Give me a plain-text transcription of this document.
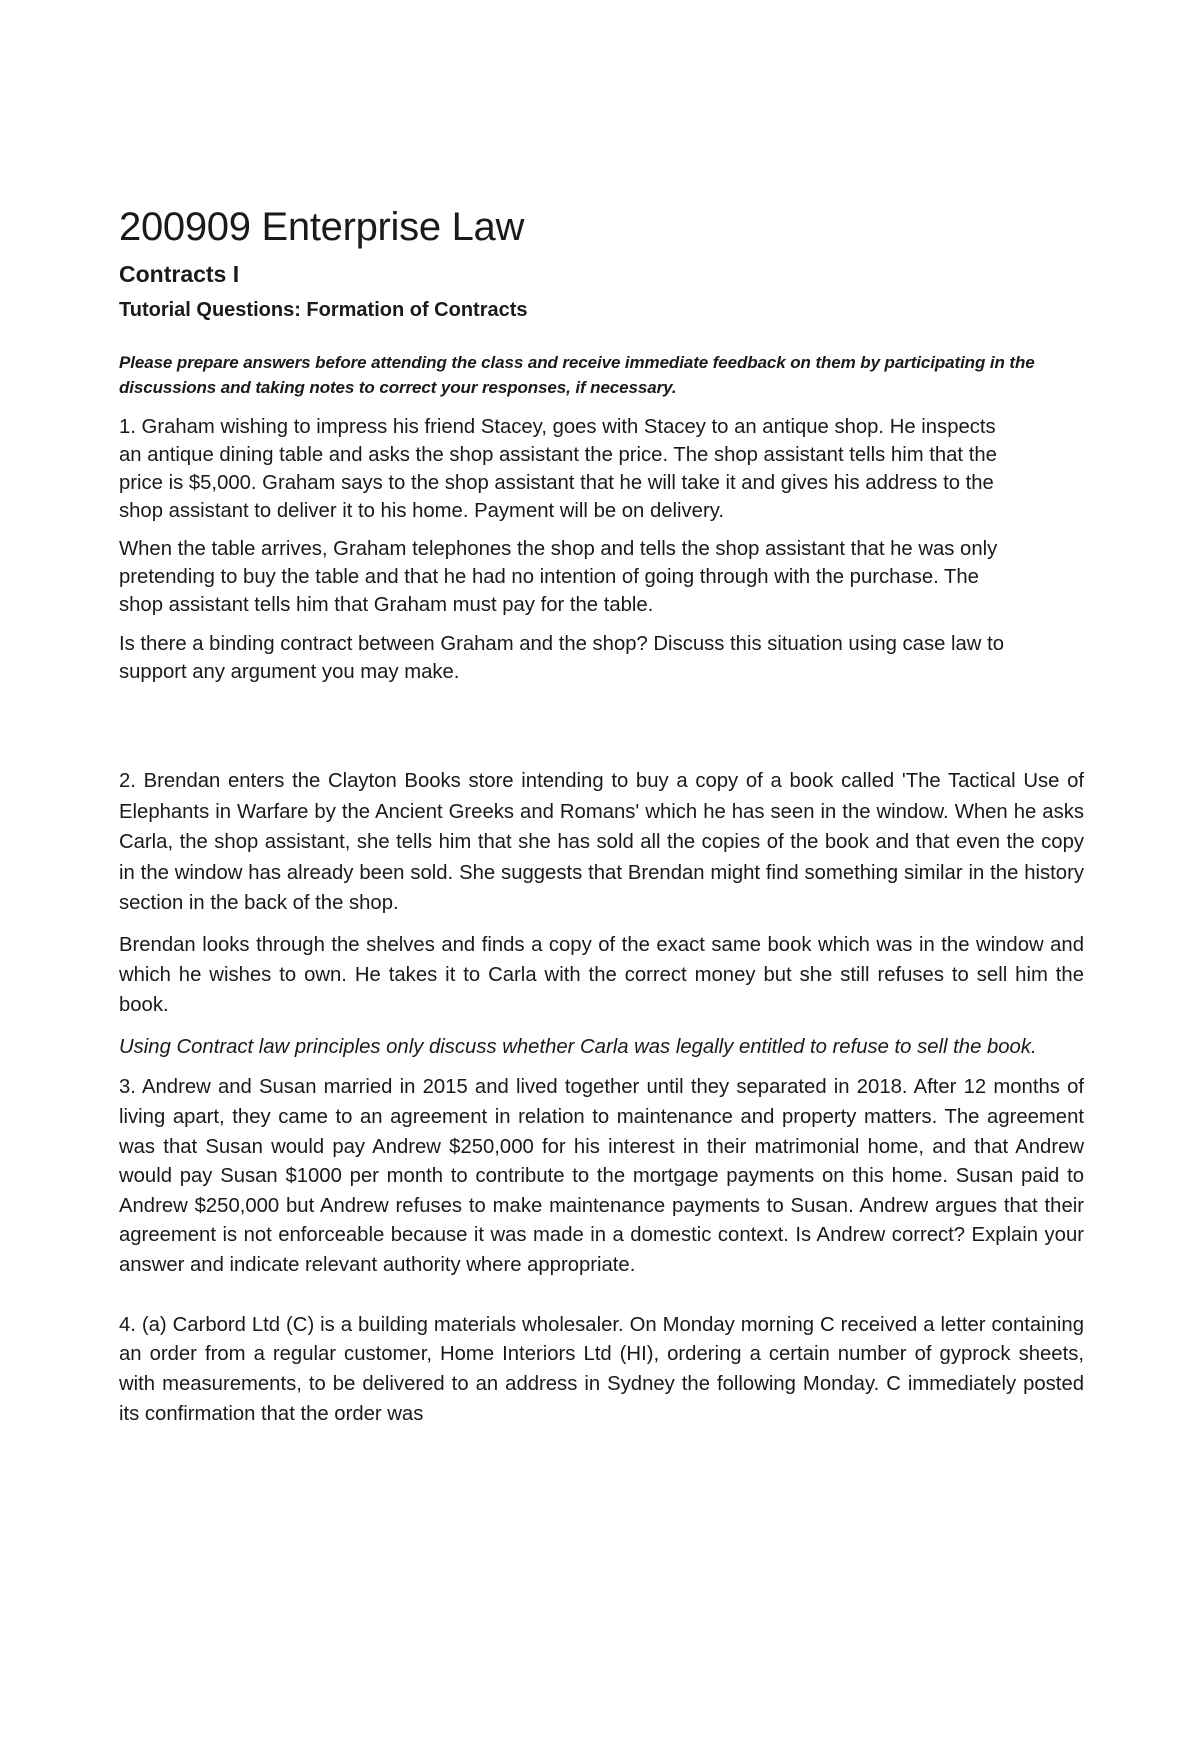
200909 Enterprise Law
Contracts I
Tutorial Questions: Formation of Contracts
Please prepare answers before attending the class and receive immediate feedback on them by participating in the discussions and taking notes to correct your responses, if necessary.

1. Graham wishing to impress his friend Stacey, goes with Stacey to an antique shop. He inspects an antique dining table and asks the shop assistant the price. The shop assistant tells him that the price is $5,000. Graham says to the shop assistant that he will take it and gives his address to the shop assistant to deliver it to his home. Payment will be on delivery.

When the table arrives, Graham telephones the shop and tells the shop assistant that he was only pretending to buy the table and that he had no intention of going through with the purchase. The shop assistant tells him that Graham must pay for the table.

Is there a binding contract between Graham and the shop? Discuss this situation using case law to support any argument you may make.

2. Brendan enters the Clayton Books store intending to buy a copy of a book called 'The Tactical Use of Elephants in Warfare by the Ancient Greeks and Romans' which he has seen in the window. When he asks Carla, the shop assistant, she tells him that she has sold all the copies of the book and that even the copy in the window has already been sold. She suggests that Brendan might find something similar in the history section in the back of the shop.

Brendan looks through the shelves and finds a copy of the exact same book which was in the window and which he wishes to own. He takes it to Carla with the correct money but she still refuses to sell him the book.

Using Contract law principles only discuss whether Carla was legally entitled to refuse to sell the book.

3. Andrew and Susan married in 2015 and lived together until they separated in 2018. After 12 months of living apart, they came to an agreement in relation to maintenance and property matters. The agreement was that Susan would pay Andrew $250,000 for his interest in their matrimonial home, and that Andrew would pay Susan $1000 per month to contribute to the mortgage payments on this home. Susan paid to Andrew $250,000 but Andrew refuses to make maintenance payments to Susan. Andrew argues that their agreement is not enforceable because it was made in a domestic context. Is Andrew correct? Explain your answer and indicate relevant authority where appropriate.

4. (a) Carbord Ltd (C) is a building materials wholesaler. On Monday morning C received a letter containing an order from a regular customer, Home Interiors Ltd (HI), ordering a certain number of gyprock sheets, with measurements, to be delivered to an address in Sydney the following Monday. C immediately posted its confirmation that the order was
